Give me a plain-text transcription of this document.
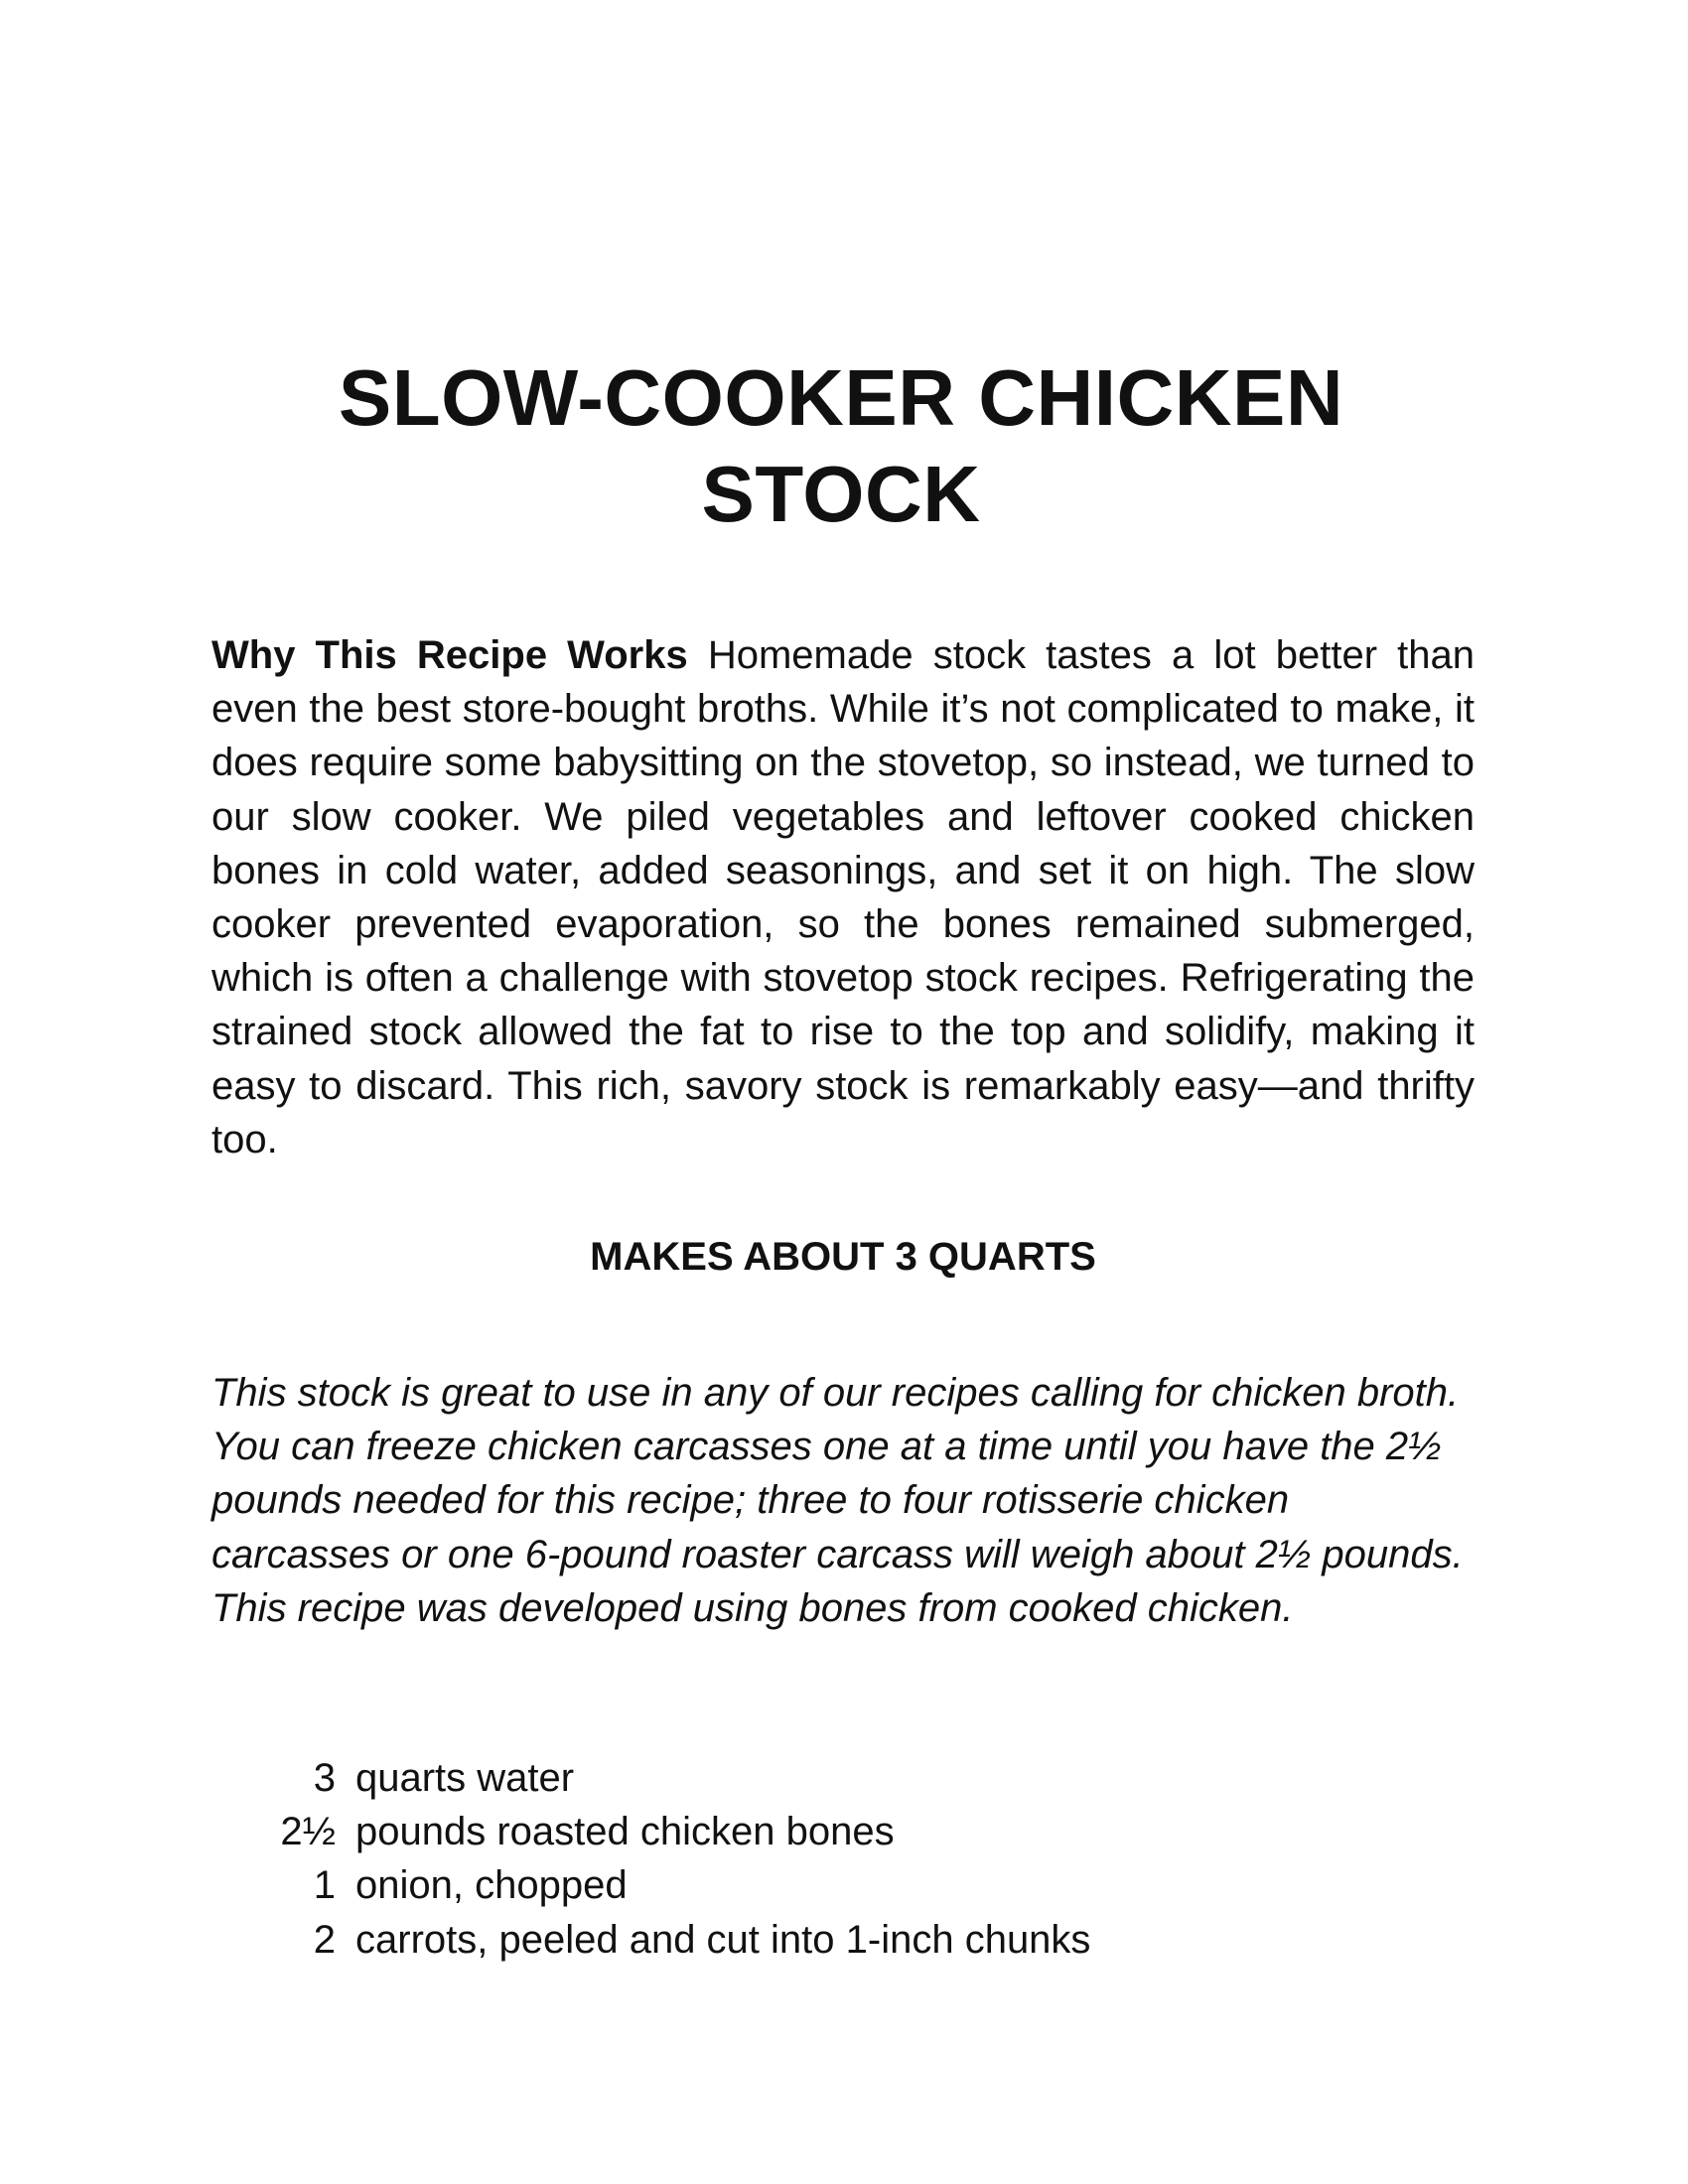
SLOW-COOKER CHICKEN STOCK

Why This Recipe Works Homemade stock tastes a lot better than even the best store-bought broths. While it’s not complicated to make, it does require some babysitting on the stovetop, so instead, we turned to our slow cooker. We piled vegetables and leftover cooked chicken bones in cold water, added seasonings, and set it on high. The slow cooker prevented evaporation, so the bones remained submerged, which is often a challenge with stovetop stock recipes. Refrigerating the strained stock allowed the fat to rise to the top and solidify, making it easy to discard. This rich, savory stock is remarkably easy—and thrifty too.

MAKES ABOUT 3 QUARTS

This stock is great to use in any of our recipes calling for chicken broth. You can freeze chicken carcasses one at a time until you have the 2½ pounds needed for this recipe; three to four rotisserie chicken carcasses or one 6-pound roaster carcass will weigh about 2½ pounds. This recipe was developed using bones from cooked chicken.

3 quarts water
2½ pounds roasted chicken bones
1 onion, chopped
2 carrots, peeled and cut into 1-inch chunks
